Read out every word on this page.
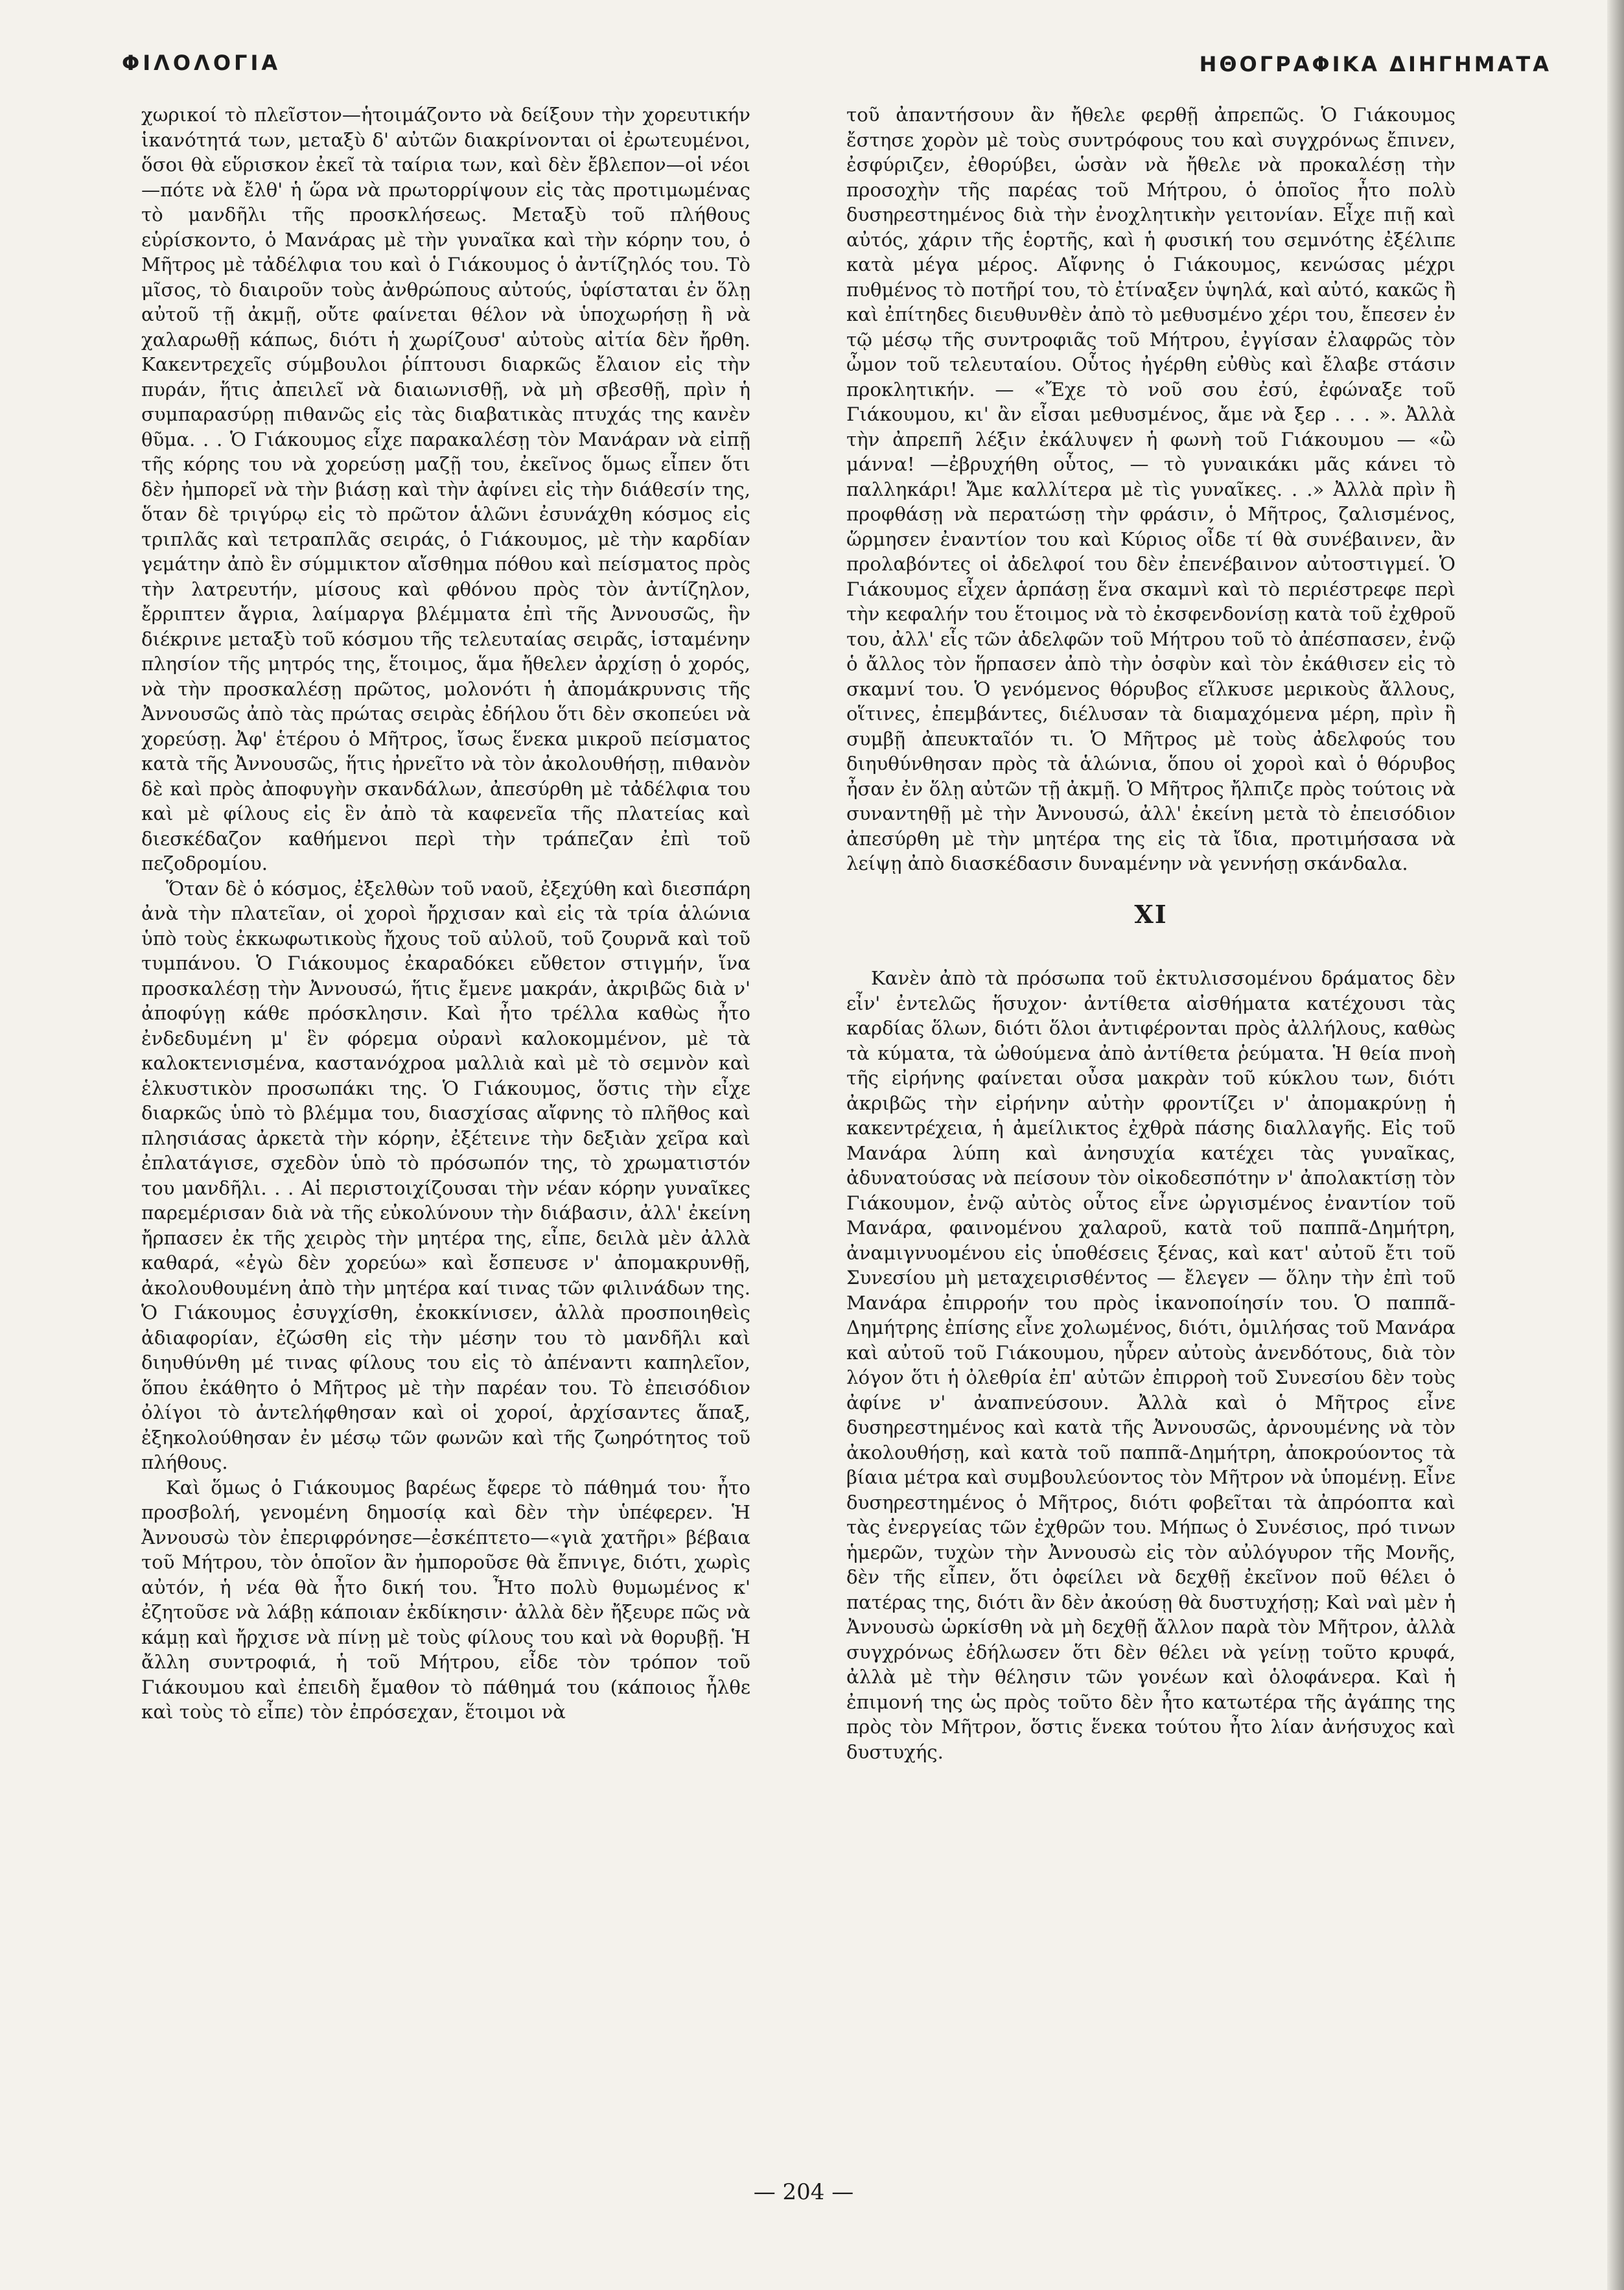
ΦΙΛΟΛΟΓΙΑ	ΗΘΟΓΡΑΦΙΚΑ ΔΙΗΓΗΜΑΤΑ

χωρικοί τὸ πλεῖστον—ἡτοιμάζοντο νὰ δείξουν τὴν χορευτικήν ἱκανότητά των, μεταξὺ δ' αὐτῶν διακρίνονται οἱ ἐρωτευμένοι, ὅσοι θὰ εὕρισκον ἐκεῖ τὰ ταίρια των, καὶ δὲν ἔβλεπον—οἱ νέοι—πότε νὰ ἔλθ' ἡ ὥρα νὰ πρωτορρίψουν εἰς τὰς προτιμωμένας τὸ μανδῆλι τῆς προσκλήσεως. Μεταξὺ τοῦ πλήθους εὑρίσκοντο, ὁ Μανάρας μὲ τὴν γυναῖκα καὶ τὴν κόρην του, ὁ Μῆτρος μὲ τἀδέλφια του καὶ ὁ Γιάκουμος ὁ ἀντίζηλός του. Τὸ μῖσος, τὸ διαιροῦν τοὺς ἀνθρώπους αὐτούς, ὑφίσταται ἐν ὅλῃ αὐτοῦ τῇ ἀκμῇ, οὔτε φαίνεται θέλον νὰ ὑποχωρήσῃ ἢ νὰ χαλαρωθῇ κάπως, διότι ἡ χωρίζουσ' αὐτοὺς αἰτία δὲν ἤρθη. Κακεντρεχεῖς σύμβουλοι ῥίπτουσι διαρκῶς ἔλαιον εἰς τὴν πυράν, ἥτις ἀπειλεῖ νὰ διαιωνισθῇ, νὰ μὴ σβεσθῇ, πρὶν ἡ συμπαρασύρῃ πιθανῶς εἰς τὰς διαβατικὰς πτυχάς της κανὲν θῦμα. . . Ὁ Γιάκουμος εἶχε παρακαλέσῃ τὸν Μανάραν νὰ εἰπῇ τῆς κόρης του νὰ χορεύσῃ μαζῇ του, ἐκεῖνος ὅμως εἶπεν ὅτι δὲν ἠμπορεῖ νὰ τὴν βιάσῃ καὶ τὴν ἀφίνει εἰς τὴν διάθεσίν της, ὅταν δὲ τριγύρῳ εἰς τὸ πρῶτον ἁλῶνι ἐσυνάχθη κόσμος εἰς τριπλᾶς καὶ τετραπλᾶς σειράς, ὁ Γιάκουμος, μὲ τὴν καρδίαν γεμάτην ἀπὸ ἓν σύμμικτον αἴσθημα πόθου καὶ πείσματος πρὸς τὴν λατρευτήν, μίσους καὶ φθόνου πρὸς τὸν ἀντίζηλον, ἔρριπτεν ἄγρια, λαίμαργα βλέμματα ἐπὶ τῆς Ἀννουσῶς, ἣν διέκρινε μεταξὺ τοῦ κόσμου τῆς τελευταίας σειρᾶς, ἱσταμένην πλησίον τῆς μητρός της, ἕτοιμος, ἅμα ἤθελεν ἀρχίσῃ ὁ χορός, νὰ τὴν προσκαλέσῃ πρῶτος, μολονότι ἡ ἀπομάκρυνσις τῆς Ἀννουσῶς ἀπὸ τὰς πρώτας σειρὰς ἐδήλου ὅτι δὲν σκοπεύει νὰ χορεύσῃ. Ἀφ' ἑτέρου ὁ Μῆτρος, ἴσως ἕνεκα μικροῦ πείσματος κατὰ τῆς Ἀννουσῶς, ἥτις ἠρνεῖτο νὰ τὸν ἀκολουθήσῃ, πιθανὸν δὲ καὶ πρὸς ἀποφυγὴν σκανδάλων, ἀπεσύρθη μὲ τἀδέλφια του καὶ μὲ φίλους εἰς ἓν ἀπὸ τὰ καφενεῖα τῆς πλατείας καὶ διεσκέδαζον καθήμενοι περὶ τὴν τράπεζαν ἐπὶ τοῦ πεζοδρομίου.

Ὅταν δὲ ὁ κόσμος, ἐξελθὼν τοῦ ναοῦ, ἐξεχύθη καὶ διεσπάρη ἀνὰ τὴν πλατεῖαν, οἱ χοροὶ ἤρχισαν καὶ εἰς τὰ τρία ἁλώνια ὑπὸ τοὺς ἐκκωφωτικοὺς ἤχους τοῦ αὐλοῦ, τοῦ ζουρνᾶ καὶ τοῦ τυμπάνου. Ὁ Γιάκουμος ἐκαραδόκει εὔθετον στιγμήν, ἵνα προσκαλέσῃ τὴν Ἀννουσώ, ἥτις ἔμενε μακράν, ἀκριβῶς διὰ ν' ἀποφύγῃ κάθε πρόσκλησιν. Καὶ ἦτο τρέλλα καθὼς ἦτο ἐνδεδυμένη μ' ἓν φόρεμα οὐρανὶ καλοκομμένον, μὲ τὰ καλοκτενισμένα, καστανόχροα μαλλιὰ καὶ μὲ τὸ σεμνὸν καὶ ἑλκυστικὸν προσωπάκι της. Ὁ Γιάκουμος, ὅστις τὴν εἶχε διαρκῶς ὑπὸ τὸ βλέμμα του, διασχίσας αἴφνης τὸ πλῆθος καὶ πλησιάσας ἀρκετὰ τὴν κόρην, ἐξέτεινε τὴν δεξιὰν χεῖρα καὶ ἐπλατάγισε, σχεδὸν ὑπὸ τὸ πρόσωπόν της, τὸ χρωματιστόν του μανδῆλι. . . Αἱ περιστοιχίζουσαι τὴν νέαν κόρην γυναῖκες παρεμέρισαν διὰ νὰ τῆς εὐκολύνουν τὴν διάβασιν, ἀλλ' ἐκείνη ἤρπασεν ἐκ τῆς χειρὸς τὴν μητέρα της, εἶπε, δειλὰ μὲν ἀλλὰ καθαρά, «ἐγὼ δὲν χορεύω» καὶ ἔσπευσε ν' ἀπομακρυνθῇ, ἀκολουθουμένη ἀπὸ τὴν μητέρα καί τινας τῶν φιλινάδων της. Ὁ Γιάκουμος ἐσυγχίσθη, ἐκοκκίνισεν, ἀλλὰ προσποιηθεὶς ἀδιαφορίαν, ἐζώσθη εἰς τὴν μέσην του τὸ μανδῆλι καὶ διηυθύνθη μέ τινας φίλους του εἰς τὸ ἀπέναντι καπηλεῖον, ὅπου ἐκάθητο ὁ Μῆτρος μὲ τὴν παρέαν του. Τὸ ἐπεισόδιον ὀλίγοι τὸ ἀντελήφθησαν καὶ οἱ χοροί, ἀρχίσαντες ἅπαξ, ἐξηκολούθησαν ἐν μέσῳ τῶν φωνῶν καὶ τῆς ζωηρότητος τοῦ πλήθους.

Καὶ ὅμως ὁ Γιάκουμος βαρέως ἔφερε τὸ πάθημά του· ἦτο προσβολή, γενομένη δημοσίᾳ καὶ δὲν τὴν ὑπέφερεν. Ἡ Ἀννουσὼ τὸν ἐπεριφρόνησε—ἐσκέπτετο—«γιὰ χατῆρι» βέβαια τοῦ Μήτρου, τὸν ὁποῖον ἂν ἠμποροῦσε θὰ ἔπνιγε, διότι, χωρὶς αὐτόν, ἡ νέα θὰ ἦτο δική του. Ἦτο πολὺ θυμωμένος κ' ἐζητοῦσε νὰ λάβῃ κάποιαν ἐκδίκησιν· ἀλλὰ δὲν ἤξευρε πῶς νὰ κάμῃ καὶ ἤρχισε νὰ πίνῃ μὲ τοὺς φίλους του καὶ νὰ θορυβῇ. Ἡ ἄλλη συντροφιά, ἡ τοῦ Μήτρου, εἶδε τὸν τρόπον τοῦ Γιάκουμου καὶ ἐπειδὴ ἔμαθον τὸ πάθημά του (κάποιος ἦλθε καὶ τοὺς τὸ εἶπε) τὸν ἐπρόσεχαν, ἕτοιμοι νὰ

τοῦ ἀπαντήσουν ἂν ἤθελε φερθῇ ἀπρεπῶς. Ὁ Γιάκουμος ἔστησε χορὸν μὲ τοὺς συντρόφους του καὶ συγχρόνως ἔπινεν, ἐσφύριζεν, ἐθορύβει, ὡσὰν νὰ ἤθελε νὰ προκαλέσῃ τὴν προσοχὴν τῆς παρέας τοῦ Μήτρου, ὁ ὁποῖος ἦτο πολὺ δυσηρεστημένος διὰ τὴν ἐνοχλητικὴν γειτονίαν. Εἶχε πιῇ καὶ αὐτός, χάριν τῆς ἑορτῆς, καὶ ἡ φυσική του σεμνότης ἐξέλιπε κατὰ μέγα μέρος. Αἴφνης ὁ Γιάκουμος, κενώσας μέχρι πυθμένος τὸ ποτῆρί του, τὸ ἐτίναξεν ὑψηλά, καὶ αὐτό, κακῶς ἢ καὶ ἐπίτηδες διευθυνθὲν ἀπὸ τὸ μεθυσμένο χέρι του, ἔπεσεν ἐν τῷ μέσῳ τῆς συντροφιᾶς τοῦ Μήτρου, ἐγγίσαν ἐλαφρῶς τὸν ὦμον τοῦ τελευταίου. Οὗτος ἠγέρθη εὐθὺς καὶ ἔλαβε στάσιν προκλητικήν. — «Ἔχε τὸ νοῦ σου ἐσύ, ἐφώναξε τοῦ Γιάκουμου, κι' ἂν εἶσαι μεθυσμένος, ἄμε νὰ ξερ . . . ». Ἀλλὰ τὴν ἀπρεπῆ λέξιν ἐκάλυψεν ἡ φωνὴ τοῦ Γιάκουμου — «ὢ μάννα! —ἐβρυχήθη οὗτος, — τὸ γυναικάκι μᾶς κάνει τὸ παλληκάρι! Ἄμε καλλίτερα μὲ τὶς γυναῖκες. . .» Ἀλλὰ πρὶν ἢ προφθάσῃ νὰ περατώσῃ τὴν φράσιν, ὁ Μῆτρος, ζαλισμένος, ὥρμησεν ἐναντίον του καὶ Κύριος οἶδε τί θὰ συνέβαινεν, ἂν προλαβόντες οἱ ἀδελφοί του δὲν ἐπενέβαινον αὐτοστιγμεί. Ὁ Γιάκουμος εἶχεν ἁρπάσῃ ἕνα σκαμνὶ καὶ τὸ περιέστρεφε περὶ τὴν κεφαλήν του ἕτοιμος νὰ τὸ ἐκσφενδονίσῃ κατὰ τοῦ ἐχθροῦ του, ἀλλ' εἷς τῶν ἀδελφῶν τοῦ Μήτρου τοῦ τὸ ἀπέσπασεν, ἐνῷ ὁ ἄλλος τὸν ἥρπασεν ἀπὸ τὴν ὀσφὺν καὶ τὸν ἐκάθισεν εἰς τὸ σκαμνί του. Ὁ γενόμενος θόρυβος εἵλκυσε μερικοὺς ἄλλους, οἵτινες, ἐπεμβάντες, διέλυσαν τὰ διαμαχόμενα μέρη, πρὶν ἢ συμβῇ ἀπευκταῖόν τι. Ὁ Μῆτρος μὲ τοὺς ἀδελφούς του διηυθύνθησαν πρὸς τὰ ἁλώνια, ὅπου οἱ χοροὶ καὶ ὁ θόρυβος ἦσαν ἐν ὅλῃ αὐτῶν τῇ ἀκμῇ. Ὁ Μῆτρος ἤλπιζε πρὸς τούτοις νὰ συναντηθῇ μὲ τὴν Ἀννουσώ, ἀλλ' ἐκείνη μετὰ τὸ ἐπεισόδιον ἀπεσύρθη μὲ τὴν μητέρα της εἰς τὰ ἴδια, προτιμήσασα νὰ λείψῃ ἀπὸ διασκέδασιν δυναμένην νὰ γεννήσῃ σκάνδαλα.

XI

Κανὲν ἀπὸ τὰ πρόσωπα τοῦ ἐκτυλισσομένου δράματος δὲν εἶν' ἐντελῶς ἥσυχον· ἀντίθετα αἰσθήματα κατέχουσι τὰς καρδίας ὅλων, διότι ὅλοι ἀντιφέρονται πρὸς ἀλλήλους, καθὼς τὰ κύματα, τὰ ὠθούμενα ἀπὸ ἀντίθετα ῥεύματα. Ἡ θεία πνοὴ τῆς εἰρήνης φαίνεται οὖσα μακρὰν τοῦ κύκλου των, διότι ἀκριβῶς τὴν εἰρήνην αὐτὴν φροντίζει ν' ἀπομακρύνῃ ἡ κακεντρέχεια, ἡ ἀμείλικτος ἐχθρὰ πάσης διαλλαγῆς. Εἰς τοῦ Μανάρα λύπη καὶ ἀνησυχία κατέχει τὰς γυναῖκας, ἀδυνατούσας νὰ πείσουν τὸν οἰκοδεσπότην ν' ἀπολακτίσῃ τὸν Γιάκουμον, ἐνῷ αὐτὸς οὗτος εἶνε ὠργισμένος ἐναντίον τοῦ Μανάρα, φαινομένου χαλαροῦ, κατὰ τοῦ παππᾶ-Δημήτρη, ἀναμιγνυομένου εἰς ὑποθέσεις ξένας, καὶ κατ' αὐτοῦ ἔτι τοῦ Συνεσίου μὴ μεταχειρισθέντος — ἔλεγεν — ὅλην τὴν ἐπὶ τοῦ Μανάρα ἐπιρροήν του πρὸς ἱκανοποίησίν του. Ὁ παππᾶ-Δημήτρης ἐπίσης εἶνε χολωμένος, διότι, ὁμιλήσας τοῦ Μανάρα καὶ αὐτοῦ τοῦ Γιάκουμου, ηὗρεν αὐτοὺς ἀνενδότους, διὰ τὸν λόγον ὅτι ἡ ὀλεθρία ἐπ' αὐτῶν ἐπιρροὴ τοῦ Συνεσίου δὲν τοὺς ἀφίνε ν' ἀναπνεύσουν. Ἀλλὰ καὶ ὁ Μῆτρος εἶνε δυσηρεστημένος καὶ κατὰ τῆς Ἀννουσῶς, ἀρνουμένης νὰ τὸν ἀκολουθήσῃ, καὶ κατὰ τοῦ παππᾶ-Δημήτρη, ἀποκρούοντος τὰ βίαια μέτρα καὶ συμβουλεύοντος τὸν Μῆτρον νὰ ὑπομένῃ. Εἶνε δυσηρεστημένος ὁ Μῆτρος, διότι φοβεῖται τὰ ἀπρόοπτα καὶ τὰς ἐνεργείας τῶν ἐχθρῶν του. Μήπως ὁ Συνέσιος, πρό τινων ἡμερῶν, τυχὼν τὴν Ἀννουσὼ εἰς τὸν αὐλόγυρον τῆς Μονῆς, δὲν τῆς εἶπεν, ὅτι ὀφείλει νὰ δεχθῇ ἐκεῖνον ποῦ θέλει ὁ πατέρας της, διότι ἂν δὲν ἀκούσῃ θὰ δυστυχήσῃ; Καὶ ναὶ μὲν ἡ Ἀννουσὼ ὡρκίσθη νὰ μὴ δεχθῇ ἄλλον παρὰ τὸν Μῆτρον, ἀλλὰ συγχρόνως ἐδήλωσεν ὅτι δὲν θέλει νὰ γείνῃ τοῦτο κρυφά, ἀλλὰ μὲ τὴν θέλησιν τῶν γονέων καὶ ὁλοφάνερα. Καὶ ἡ ἐπιμονή της ὡς πρὸς τοῦτο δὲν ἦτο κατωτέρα τῆς ἀγάπης της πρὸς τὸν Μῆτρον, ὅστις ἕνεκα τούτου ἦτο λίαν ἀνήσυχος καὶ δυστυχής.

— 204 —
